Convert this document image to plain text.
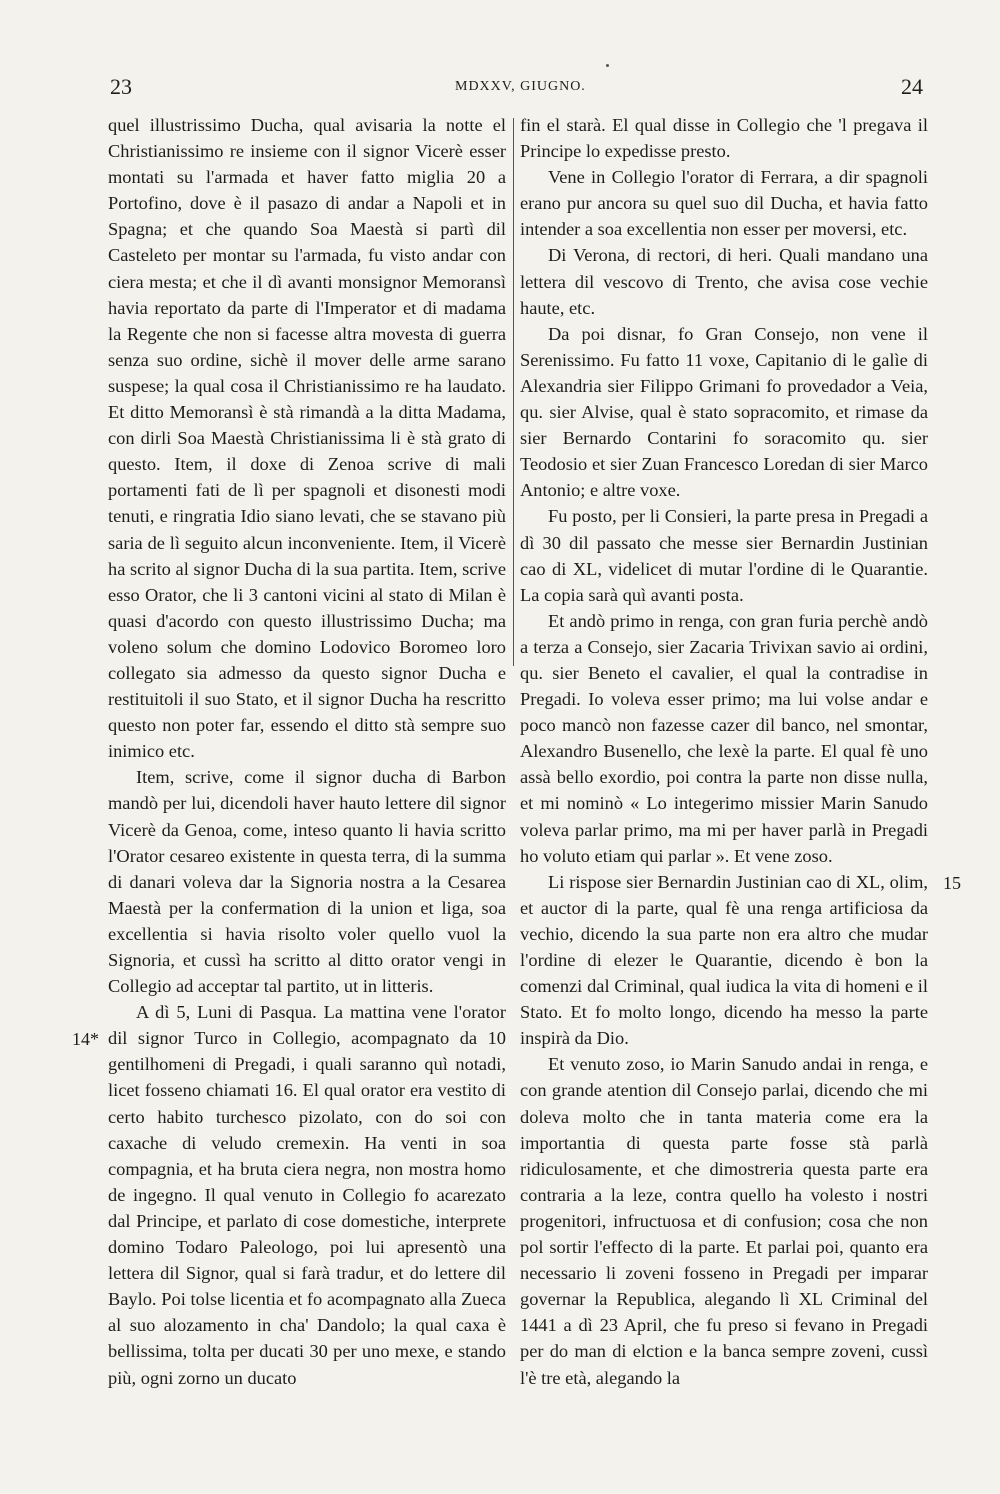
23	MDXXV, GIUGNO.	24

quel illustrissimo Ducha, qual avisaria la notte el Christianissimo re insieme con il signor Vicerè esser montati su l'armada et haver fatto miglia 20 a Portofino, dove è il pasazo di andar a Napoli et in Spagna; et che quando Soa Maestà si partì dil Casteleto per montar su l'armada, fu visto andar con ciera mesta; et che il dì avanti monsignor Memoransì havia reportato da parte di l'Imperator et di madama la Regente che non si facesse altra movesta di guerra senza suo ordine, sichè il mover delle arme sarano suspese; la qual cosa il Christianissimo re ha laudato. Et ditto Memoransì è stà rimandà a la ditta Madama, con dirli Soa Maestà Christianissima li è stà grato di questo. Item, il doxe di Zenoa scrive di mali portamenti fati de lì per spagnoli et disonesti modi tenuti, e ringratia Idio siano levati, che se stavano più saria de lì seguito alcun inconveniente. Item, il Vicerè ha scrito al signor Ducha di la sua partita. Item, scrive esso Orator, che li 3 cantoni vicini al stato di Milan è quasi d'acordo con questo illustrissimo Ducha; ma voleno solum che domino Lodovico Boromeo loro collegato sia admesso da questo signor Ducha e restituitoli il suo Stato, et il signor Ducha ha rescritto questo non poter far, essendo el ditto stà sempre suo inimico etc.

Item, scrive, come il signor ducha di Barbon mandò per lui, dicendoli haver hauto lettere dil signor Vicerè da Genoa, come, inteso quanto li havia scritto l'Orator cesareo existente in questa terra, di la summa di danari voleva dar la Signoria nostra a la Cesarea Maestà per la confermation di la union et liga, soa excellentia si havia risolto voler quello vuol la Signoria, et cussì ha scritto al ditto orator vengi in Collegio ad acceptar tal partito, ut in litteris.

A dì 5, Luni di Pasqua. La mattina vene l'orator dil signor Turco in Collegio, acompagnato da 10 gentilhomeni di Pregadi, i quali saranno quì notadi, licet fosseno chiamati 16. El qual orator era vestito di certo habito turchesco pizolato, con do soi con caxache di veludo cremexin. Ha venti in soa compagnia, et ha bruta ciera negra, non mostra homo de ingegno. Il qual venuto in Collegio fo acarezato dal Principe, et parlato di cose domestiche, interprete domino Todaro Paleologo, poi lui apresentò una lettera dil Signor, qual si farà tradur, et do lettere dil Baylo. Poi tolse licentia et fo acompagnato alla Zueca al suo alozamento in cha' Dandolo; la qual caxa è bellissima, tolta per ducati 30 per uno mexe, e stando più, ogni zorno un ducato

fin el starà. El qual disse in Collegio che 'l pregava il Principe lo expedisse presto.

Vene in Collegio l'orator di Ferrara, a dir spagnoli erano pur ancora su quel suo dil Ducha, et havia fatto intender a soa excellentia non esser per moversi, etc.

Di Verona, di rectori, di heri. Quali mandano una lettera dil vescovo di Trento, che avisa cose vechie haute, etc.

Da poi disnar, fo Gran Consejo, non vene il Serenissimo. Fu fatto 11 voxe, Capitanio di le galìe di Alexandria sier Filippo Grimani fo provedador a Veia, qu. sier Alvise, qual è stato sopracomito, et rimase da sier Bernardo Contarini fo soracomito qu. sier Teodosio et sier Zuan Francesco Loredan di sier Marco Antonio; e altre voxe.

Fu posto, per li Consieri, la parte presa in Pregadi a dì 30 dil passato che messe sier Bernardin Justinian cao di XL, videlicet di mutar l'ordine di le Quarantie. La copia sarà quì avanti posta.

Et andò primo in renga, con gran furia perchè andò a terza a Consejo, sier Zacaria Trivixan savio ai ordini, qu. sier Beneto el cavalier, el qual la contradise in Pregadi. Io voleva esser primo; ma lui volse andar e poco mancò non fazesse cazer dil banco, nel smontar, Alexandro Busenello, che lexè la parte. El qual fè uno assà bello exordio, poi contra la parte non disse nulla, et mi nominò « Lo integerimo missier Marin Sanudo voleva parlar primo, ma mi per haver parlà in Pregadi ho voluto etiam qui parlar ». Et vene zoso.

Li rispose sier Bernardin Justinian cao di XL, olim, et auctor di la parte, qual fè una renga artificiosa da vechio, dicendo la sua parte non era altro che mudar l'ordine di elezer le Quarantie, dicendo è bon la comenzi dal Criminal, qual iudica la vita di homeni e il Stato. Et fo molto longo, dicendo ha messo la parte inspirà da Dio.

Et venuto zoso, io Marin Sanudo andai in renga, e con grande atention dil Consejo parlai, dicendo che mi doleva molto che in tanta materia come era la importantia di questa parte fosse stà parlà ridiculosamente, et che dimostreria questa parte era contraria a la leze, contra quello ha volesto i nostri progenitori, infructuosa et di confusion; cosa che non pol sortir l'effecto di la parte. Et parlai poi, quanto era necessario li zoveni fosseno in Pregadi per imparar governar la Republica, alegando lì XL Criminal del 1441 a dì 23 April, che fu preso si fevano in Pregadi per do man di elction e la banca sempre zoveni, cussì l'è tre età, alegando la

14*
15
